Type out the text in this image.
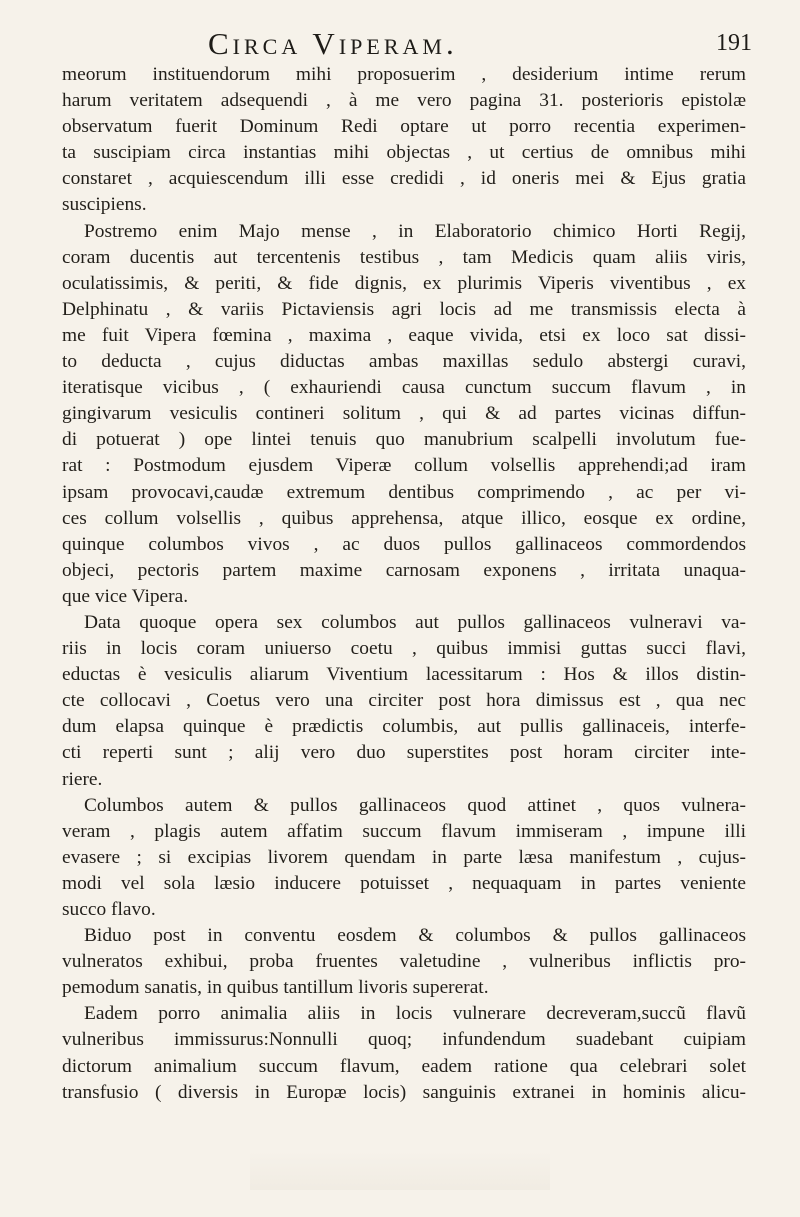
Circa Viperam.	191
meorum instituendorum mihi proposuerim , desiderium intime rerum
harum veritatem adsequendi , à me vero pagina 31. posterioris epistolæ
observatum fuerit Dominum Redi optare ut porro recentia experimen-
ta suscipiam circa instantias mihi objectas , ut certius de omnibus mihi
constaret , acquiescendum illi esse credidi , id oneris mei & Ejus gratia
suscipiens.
Postremo enim Majo mense , in Elaboratorio chimico Horti Regij,
coram ducentis aut tercentenis testibus , tam Medicis quam aliis viris,
oculatissimis, & periti, & fide dignis, ex plurimis Viperis viventibus , ex
Delphinatu , & variis Pictaviensis agri locis ad me transmissis electa à
me fuit Vipera fœmina , maxima , eaque vivida, etsi ex loco sat dissi-
to deducta , cujus diductas ambas maxillas sedulo abstergi curavi,
iteratisque vicibus , ( exhauriendi causa cunctum succum flavum , in
gingivarum vesiculis contineri solitum , qui & ad partes vicinas diffun-
di potuerat ) ope lintei tenuis quo manubrium scalpelli involutum fue-
rat : Postmodum ejusdem Viperæ collum volsellis apprehendi;ad iram
ipsam provocavi,caudæ extremum dentibus comprimendo , ac per vi-
ces collum volsellis , quibus apprehensa, atque illico, eosque ex ordine,
quinque columbos vivos , ac duos pullos gallinaceos commordendos
objeci, pectoris partem maxime carnosam exponens , irritata unaqua-
que vice Vipera.
Data quoque opera sex columbos aut pullos gallinaceos vulneravi va-
riis in locis coram uniuerso coetu , quibus immisi guttas succi flavi,
eductas è vesiculis aliarum Viventium lacessitarum : Hos & illos distin-
cte collocavi , Coetus vero una circiter post hora dimissus est , qua nec
dum elapsa quinque è prædictis columbis, aut pullis gallinaceis, interfe-
cti reperti sunt ; alij vero duo superstites post horam circiter inte-
riere.
Columbos autem & pullos gallinaceos quod attinet , quos vulnera-
veram , plagis autem affatim succum flavum immiseram , impune illi
evasere ; si excipias livorem quendam in parte læsa manifestum , cujus-
modi vel sola læsio inducere potuisset , nequaquam in partes veniente
succo flavo.
Biduo post in conventu eosdem & columbos & pullos gallinaceos
vulneratos exhibui, proba fruentes valetudine , vulneribus inflictis pro-
pemodum sanatis, in quibus tantillum livoris supererat.
Eadem porro animalia aliis in locis vulnerare decreveram,succũ flavũ
vulneribus immissurus:Nonnulli quoq; infundendum suadebant cuipiam
dictorum animalium succum flavum, eadem ratione qua celebrari solet
transfusio ( diversis in Europæ locis) sanguinis extranei in hominis alicu-
